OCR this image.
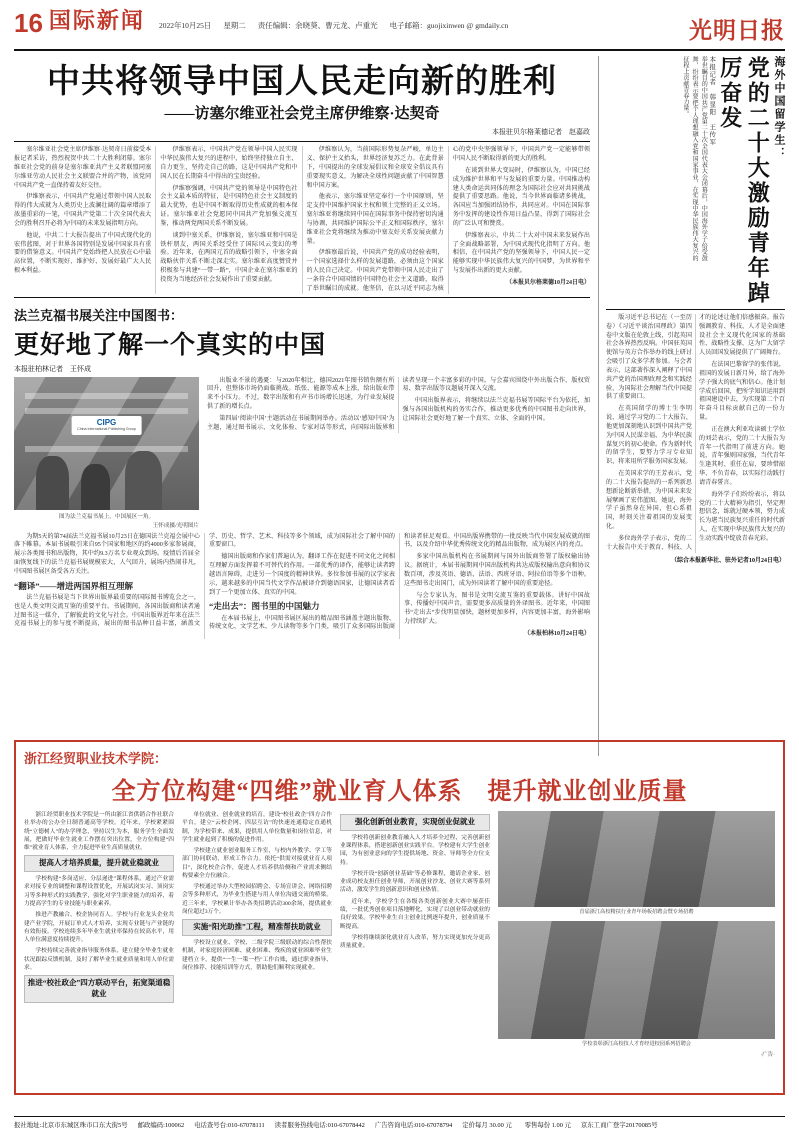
16 国际新闻 2022年10月25日 星期二 责任编辑：余晓葵、曹元龙、卢重光 电子邮箱：guojixinwen @ gmdaily.cn	光明日报
中共将领导中国人民走向新的胜利
——访塞尔维亚社会党主席伊维察·达契奇
本报驻贝尔格莱德记者　赵嘉政

塞尔维亚社会党主席伊维察·达契奇日前接受本报记者采访，热烈祝贺中共二十大胜利闭幕。塞尔维亚社会党的前身是塞尔维亚共产主义者联盟同塞尔维亚劳动人民社会主义联盟合并的产物，该党同中国共产党一直保持着友好交往。

伊维察表示，中国共产党通过带领中国人民取得的伟大成就为人类历史上波澜壮阔的篇章增添了浓墨重彩的一笔，中国共产党第二十次全国代表大会的胜利召开必将为中国的未来发展指明方向。

他说，中共二十大报告提出了中国式现代化的宏伟蓝图，对于世界各国特别是发展中国家具有重要的借鉴意义。中国共产党始终把人民放在心中最高位置，不断实现好、维护好、发展好最广大人民根本利益。

伊维察表示，中国共产党在领导中国人民实现中华民族伟大复兴的进程中，始终坚持独立自主、自力更生，坚持走自己的路，这是中国共产党和中国人民在长期奋斗中得出的宝贵经验。

伊维察强调，中国共产党的领导是中国特色社会主义最本质的特征，是中国特色社会主义制度的最大优势，也是中国不断取得历史性成就的根本保证。塞尔维亚社会党愿同中国共产党加强交流互鉴，推动两党两国关系不断发展。

谈到中塞关系，伊维察说，塞尔维亚和中国是铁杆朋友，两国关系经受住了国际风云变幻的考验。近年来，在两国元首的战略引领下，中塞全面战略伙伴关系不断走深走实。塞尔维亚高度赞赏并积极参与共建“一带一路”，中国企业在塞尔维亚的投资为当地经济社会发展作出了重要贡献。

伊维察认为，当前国际形势复杂严峻，单边主义、保护主义抬头，世界经济复苏乏力。在此背景下，中国提出的全球发展倡议和全球安全倡议具有重要现实意义，为解决全球性问题贡献了中国智慧和中国方案。

他表示，塞尔维亚坚定奉行一个中国原则，坚定支持中国维护国家主权和领土完整的正义立场。塞尔维亚将继续同中国在国际事务中保持密切沟通与协调，共同维护国际公平正义和国际秩序，塞尔维亚社会党将继续为推动中塞友好关系发展贡献力量。

伊维察最后说，中国共产党的成功经验表明，一个国家选择什么样的发展道路，必须由这个国家的人民自己决定。中国共产党带领中国人民走出了一条符合中国国情的中国特色社会主义道路，取得了举世瞩目的成就。他坚信，在以习近平同志为核心的党中央坚强领导下，中国共产党一定能够带领中国人民不断取得新的更大的胜利。

在谈到世界大变局时，伊维察认为，中国已经成为维护世界和平与发展的重要力量。中国推动构建人类命运共同体的理念为国际社会应对共同挑战提供了重要思路。他说，当今世界面临诸多挑战，各国应当加强团结协作，共同应对。中国在国际事务中发挥的建设性作用日益凸显，得到了国际社会的广泛认可和赞赏。

伊维察表示，中共二十大对中国未来发展作出了全面战略部署，为中国式现代化指明了方向。他相信，在中国共产党的坚强领导下，中国人民一定能够实现中华民族伟大复兴的中国梦，为世界和平与发展作出新的更大贡献。

（本报贝尔格莱德10月24日电）

法兰克福书展关注中国图书：
更好地了解一个真实的中国
本报驻柏林记者　王怀成
CIPG
China International Publishing Group
图为法兰克福书展上，中国展区一角。
王怀成摄/光明图片

出版业不景的遇憂：与2020年相比，德国2021年图书销售额有所回升，但整体市场仍面临挑战。纸张、能源等成本上涨，给出版业带来不小压力。不过，数字出版和有声书市场增长迅速，为行业发展提供了新的增长点。

第四届‘阅读中国’主题活动在书展期间举办。活动以‘感知中国’为主题，通过图书展示、文化体验、专家对话等形式，向国际出版界和读者呈现一个丰富多彩的中国。与会嘉宾围绕中外出版合作、版权贸易、数字出版等议题展开深入交流。

中国出版界表示，将继续以法兰克福书展等国际平台为依托，加强与各国出版机构的务实合作，推动更多优秀的中国图书走向世界，让国际社会更好地了解一个真实、立体、全面的中国。

为期5天的第74届法兰克福书展10月23日在德国法兰克福会展中心落下帷幕。本届书展吸引来自95个国家和地区的约4000多家参展商，展示各类图书和出版物，其中约9.3万名专业观众到场。疫情后首届全面恢复线下的法兰克福书展规模宏大，人气回升，展场内热闹非凡，中国图书展区备受各方关注。

“翻译”——增进两国界相互理解

法兰克福书展是当下世界出版界最重要的国际图书博览会之一，也是人类文明交流互鉴的重要平台。书展期间，各国出版商和读者通过图书这一媒介，了解彼此的文化与社会。中国出版界近年来在法兰克福书展上的参与度不断提高，展出的图书品种日益丰富，涵盖文学、历史、哲学、艺术、科技等多个领域，成为国际社会了解中国的重要窗口。

德国出版商和作家们普遍认为，翻译工作在促进不同文化之间相互理解方面发挥着不可替代的作用。一部优秀的译作，能够让读者跨越语言障碍，走进另一个国度的精神世界。多位参加书展的汉学家表示，越来越多的中国当代文学作品被译介到德语国家，让德国读者看到了一个更加立体、真实的中国。

“走出去”：图书里的中国魅力

在本届书展上，中国图书展区展出的精品图书涵盖主题出版物、传统文化、文学艺术、少儿读物等多个门类，吸引了众多国际出版商和读者驻足观看。中国出版界携带的一批反映当代中国发展成就的图书，以及介绍中华优秀传统文化的精品出版物，成为展区内的亮点。

多家中国出版机构在书展期间与国外出版商签署了版权输出协议。据统计，本届书展期间中国出版机构共达成版权输出意向和协议数百项，涉及英语、德语、法语、西班牙语、阿拉伯语等多个语种。这些图书走出国门，成为外国读者了解中国的重要途径。

与会专家认为，图书是文明交流互鉴的重要载体。讲好中国故事、传播好中国声音，需要更多高质量的外译图书。近年来，中国图书“走出去”步伐明显加快，题材更加多样，内容更加丰富，海外影响力持续扩大。

（本报柏林10月24日电）

举世瞩目的中国共产党第二十次全国代表大会闭幕后，中国海外学子倍受鼓舞，纷纷表示要把个人理想融入党和国家事业，在实现中华民族伟大复兴的征程上贡献青春力量。	本报记者　韩显阳　王传军	党的二十大激励青年踔厉奋发	海外中国留学生：

版习近平总书记在（一至历卷）《习近平谈治国理政》第四卷中文版在伦敦上线，引起英国社会各界热烈反响。中国驻英国使馆与英方合作举办的线上研讨会吸引了众多学者参加。与会者表示，这部著作深入阐释了中国共产党的治国理政理念和实践经验，为国际社会理解当代中国提供了重要窗口。

在英国留学的博士生李明说，通过学习党的二十大报告，他更加深刻地认识到中国共产党为中国人民谋幸福、为中华民族谋复兴的初心使命。作为新时代的留学生，要努力学习专业知识，将来用所学服务国家发展。

在美国求学的王芳表示，党的二十大报告提出的一系列新思想新论断新举措，为中国未来发展擘画了宏伟蓝图。她说，海外学子虽然身在异国，但心系祖国，时刻关注着祖国的发展变化。

多位海外学子表示，党的二十大报告中关于教育、科技、人才的论述让他们倍感振奋。报告强调教育、科技、人才是全面建设社会主义现代化国家的基础性、战略性支撑，这为广大留学人员回国发展提供了广阔舞台。

在法国巴黎留学的张伟说，祖国的发展日新月异，给了海外学子强大的底气和信心。他计划学成后回国，把所学知识运用到祖国建设中去，为实现第二个百年奋斗目标贡献自己的一份力量。

正在澳大利亚攻读硕士学位的刘芸表示，党的二十大报告为青年一代指明了前进方向。她说，青年强则国家强，当代青年生逢其时、重任在肩，要珍惜韶华、不负青春，以实际行动践行请青春誓言。

海外学子们纷纷表示，将以党的二十大精神为指引，坚定理想信念，练就过硬本领，努力成长为堪当民族复兴重任的时代新人，在实现中华民族伟大复兴的生动实践中绽放青春光彩。

（综合本报新华社、驻外记者10月24日电）
浙江经贸职业技术学院：
全方位构建“四维”就业育人体系　提升就业创业质量

浙江经贸职业技术学院是一所由浙江省供销合作社联合社举办的公办全日制普通高等学校。近年来，学校紧紧围绕“立德树人”的办学理念，坚持以生为本，服务学生全面发展，把做好毕业生就业工作摆在突出位置，全方位构建“四维”就业育人体系，全力促进毕业生高质量就业。

提高人才培养质量，提升就业稳就业

学校构建“多岗适应、分层递进”课程体系，通过产业需求对接专业的调整和课程设置优化，开展试岗实习、顶岗实习等多种形式的实践教学，强化对学生职业能力的培养，着力提高学生的专业技能与职业素养。

推进产教融合，校企协同育人。学校与行业龙头企业共建产业学院，开展订单式人才培养，实现专业链与产业链的有效衔接。学校连续多年毕业生就业率保持在较高水平，用人单位满意度持续提升。

学校持续完善就业指导服务体系，建立健全毕业生就业状况跟踪反馈机制，及时了解毕业生就业质量和用人单位需求。

推进“校社政企”四方联动平台，拓宽渠道稳就业

单位就业、创业就业的培育，建设“校社政企”四方合作平台，建立“云校企网、四层互访”的快速连通稳定直通机制，为学校带来、成果，提供用人单位数量和岗位信息，对学生就业起到了积极的促进作用。

学校建立就业创业服务工作室，与校内外教学、学工等部门协同联动，形成工作合力。依托“供需对接就业育人项目”，深化校企合作，促进人才培养供给侧和产业需求侧结构要素全方位融合。

学校通过举办大型校园招聘会、专场宣讲会、网络招聘会等多种形式，为毕业生搭建与用人单位沟通交流的桥梁。近三年来，学校累计举办各类招聘活动300余场，提供就业岗位超过3万个。

实施“阳光助推”工程，精准帮扶助就业

学校设立就业、学校、二级学院三级联动的综合性帮扶机制，对家庭经济困难、就业困难、残疾的就业困难毕业生建档立卡，提供“一生一策一档”工作台账，通过职业指导、岗位推荐、技能培训等方式，帮助他们顺利实现就业。

强化创新创业教育，实现创业促就业

学校将创新创业教育融入人才培养全过程，完善创新创业课程体系，搭建创新创业实践平台。学校建有大学生创业园，为有创业意向的学生提供场地、资金、导师等全方位支持。

学校开设“创新创业基础”等必修课程，邀请企业家、创业成功校友担任创业导师，开展创业沙龙、创业大赛等系列活动，激发学生的创新意识和创业热情。

近年来，学校学生在各级各类创新创业大赛中屡获佳绩，一批优秀创业项目落地孵化，实现了以创业带动就业的良好效果。学校毕业生自主创业比例逐年提升，创业质量不断提高。

学校将继续深化就业育人改革，努力实现更加充分更高质量就业。

首届浙江高校精扶行业青年场板招聘会暨专场招聘
学校表彰浙江高校技人才育经进校园系列招聘会
·广告·
报社地址:北京市东城区珠市口东大街5号 邮政编码:100062 电话查号台:010-67078111 读者服务热线电话:010-67078442 广告咨询电话:010-67078794 定价每月 30.00 元　　零售每份 1.00 元 京东工商广登字20170085号
